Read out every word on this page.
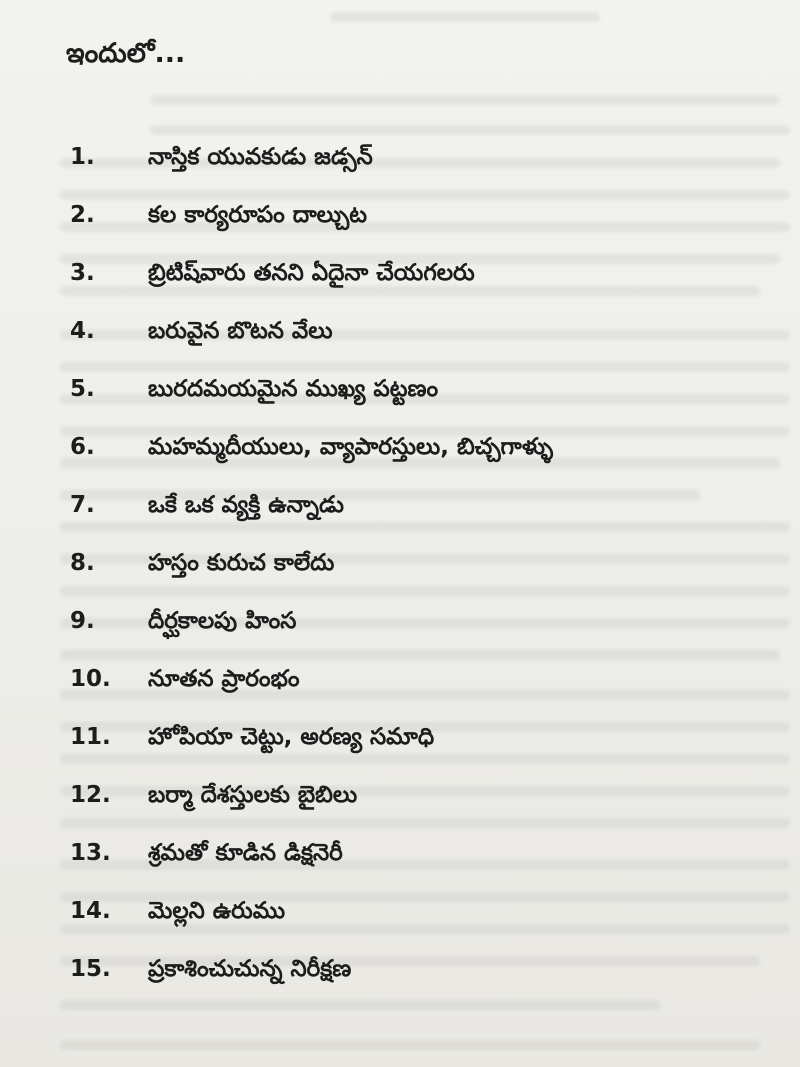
ఇందులో...
1.	నాస్తిక యువకుడు జడ్సన్
2.	కల కార్యరూపం దాల్చుట
3.	బ్రిటిష్‌వారు తనని ఏదైనా చేయగలరు
4.	బరువైన బొటన వేలు
5.	బురదమయమైన ముఖ్య పట్టణం
6.	మహమ్మదీయులు, వ్యాపారస్తులు, బిచ్చగాళ్ళు
7.	ఒకే ఒక వ్యక్తి ఉన్నాడు
8.	హస్తం కురుచ కాలేదు
9.	దీర్ఘకాలపు హింస
10.	నూతన ప్రారంభం
11.	హోపియా చెట్టు, అరణ్య సమాధి
12.	బర్మా దేశస్తులకు బైబిలు
13.	శ్రమతో కూడిన డిక్షనెరీ
14.	మెల్లని ఉరుము
15.	ప్రకాశించుచున్న నిరీక్షణ
